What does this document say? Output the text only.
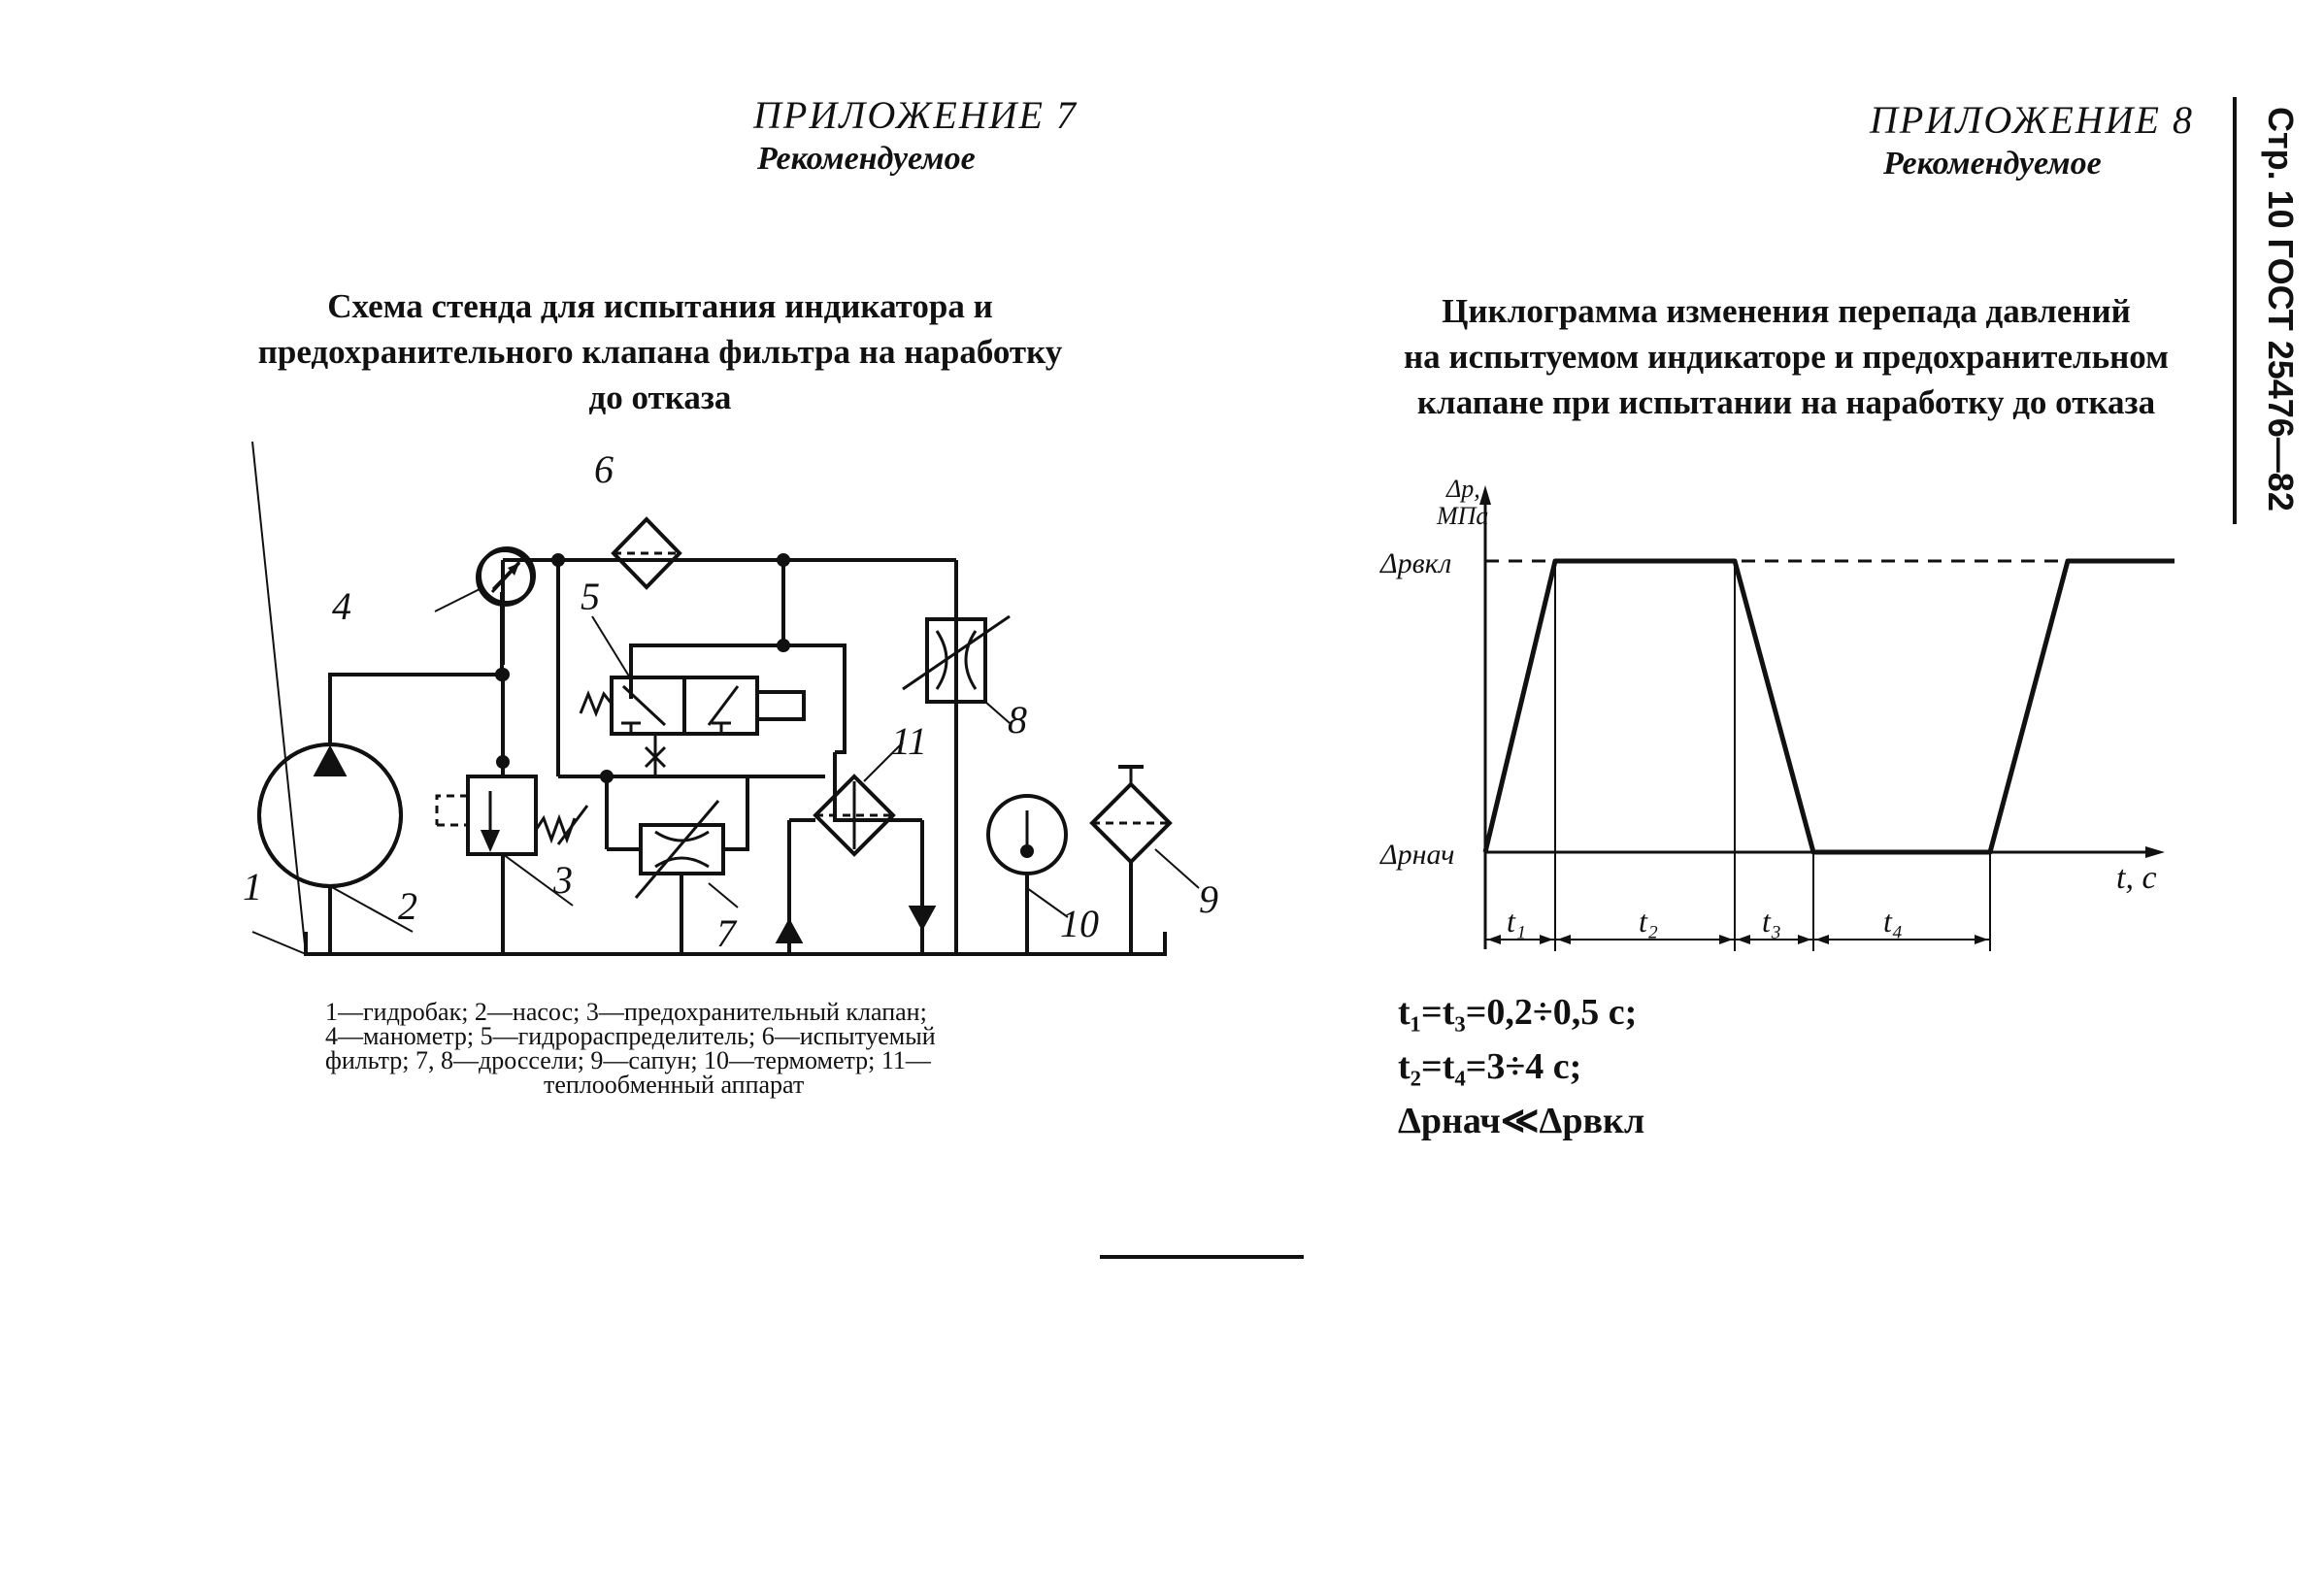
ПРИЛОЖЕНИЕ 7
Рекомендуемое
Схема стенда для испытания индикатора и
предохранительного клапана фильтра на наработку
до отказа
1	2
3
4	5
6
7
8
9
10
11
1—гидробак; 2—насос; 3—предохранительный клапан;
4—манометр; 5—гидрораспределитель; 6—испытуемый
фильтр; 7, 8—дроссели; 9—сапун; 10—термометр; 11—
теплообменный аппарат
ПРИЛОЖЕНИЕ 8
Рекомендуемое
Циклограмма изменения перепада давлений
на испытуемом индикаторе и предохранительном
клапане при испытании на наработку до отказа
Δp,
МПа
Δpвкл
Δpнач
t, с
t₁	t₂	t₃	t₄
t₁=t₃=0,2÷0,5 с;
t₂=t₄=3÷4 с;
Δpнач≪Δpвкл
Стр. 10 ГОСТ 25476—82
